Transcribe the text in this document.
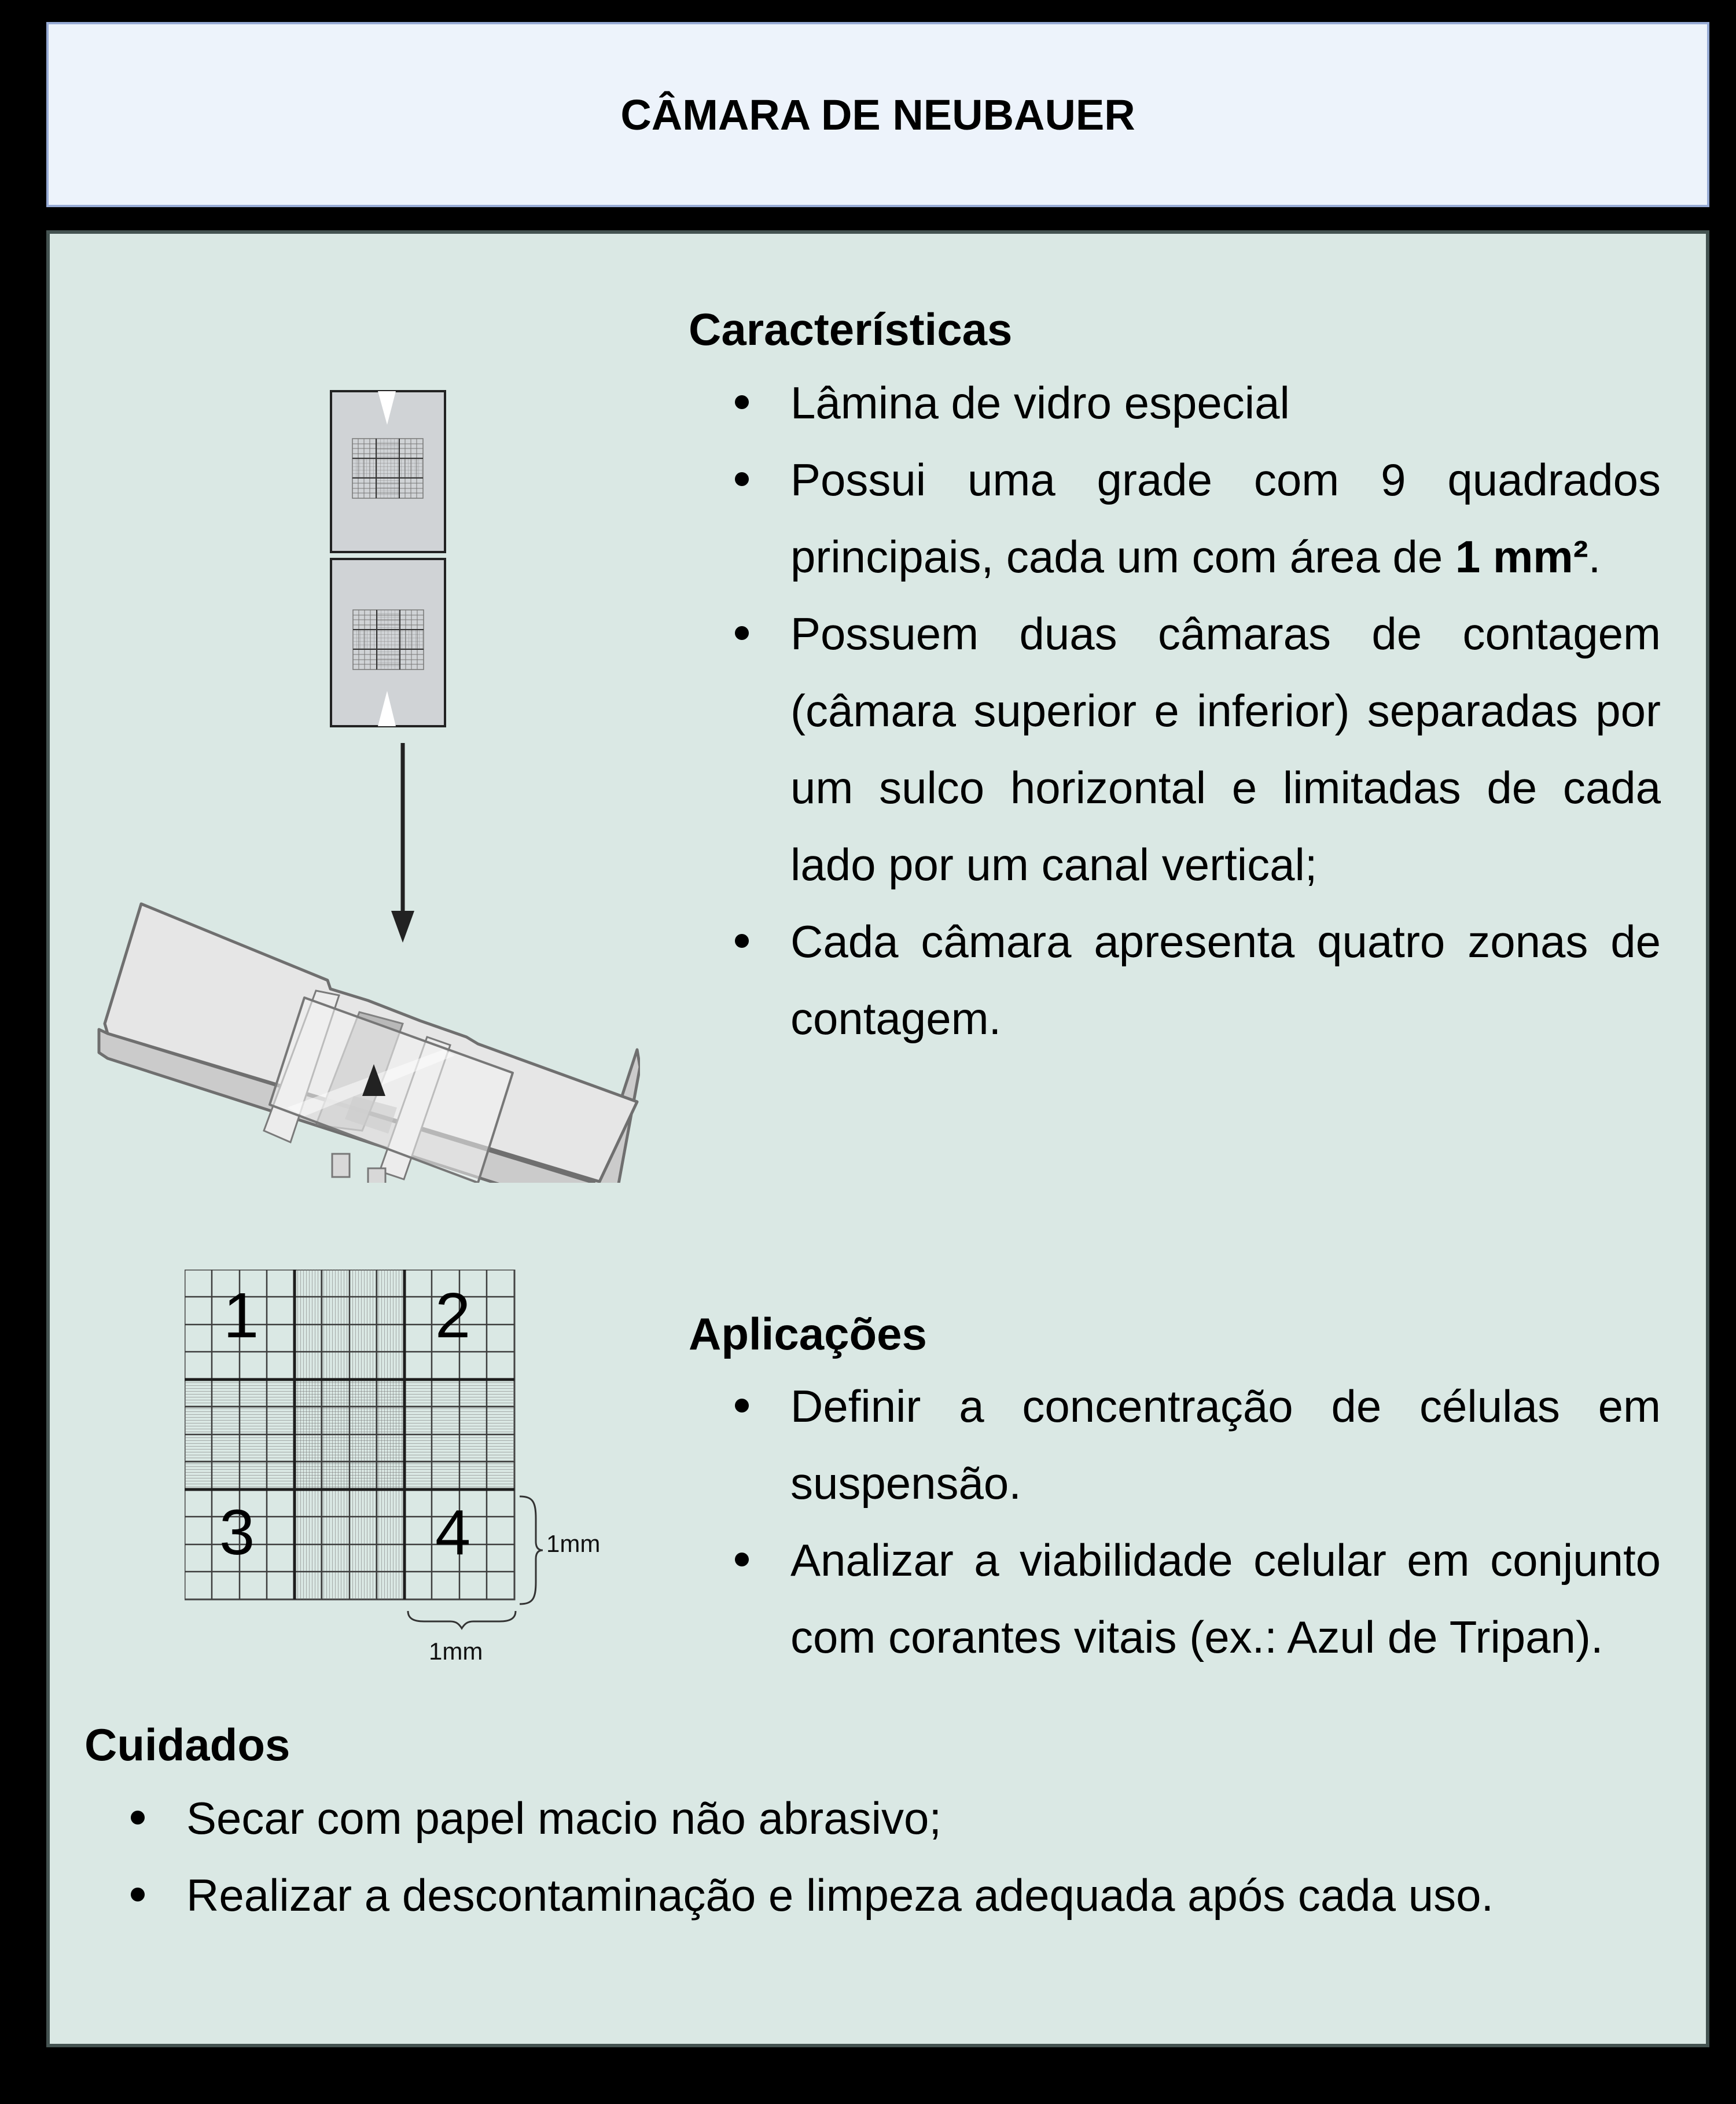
CÂMARA DE NEUBAUER
1	2
3	4	1mm
1mm
Características
Lâmina de vidro especial
Possui uma grade com 9 quadrados principais, cada um com área de 1 mm².
Possuem duas câmaras de contagem (câmara superior e inferior) separadas por um sulco horizontal e limitadas de cada lado por um canal vertical;
Cada câmara apresenta quatro zonas de contagem.
Aplicações
Definir a concentração de células em suspensão.
Analizar a viabilidade celular em conjunto com corantes vitais (ex.: Azul de Tripan).
Cuidados
Secar com papel macio não abrasivo;
Realizar a descontaminação e limpeza adequada após cada uso.
